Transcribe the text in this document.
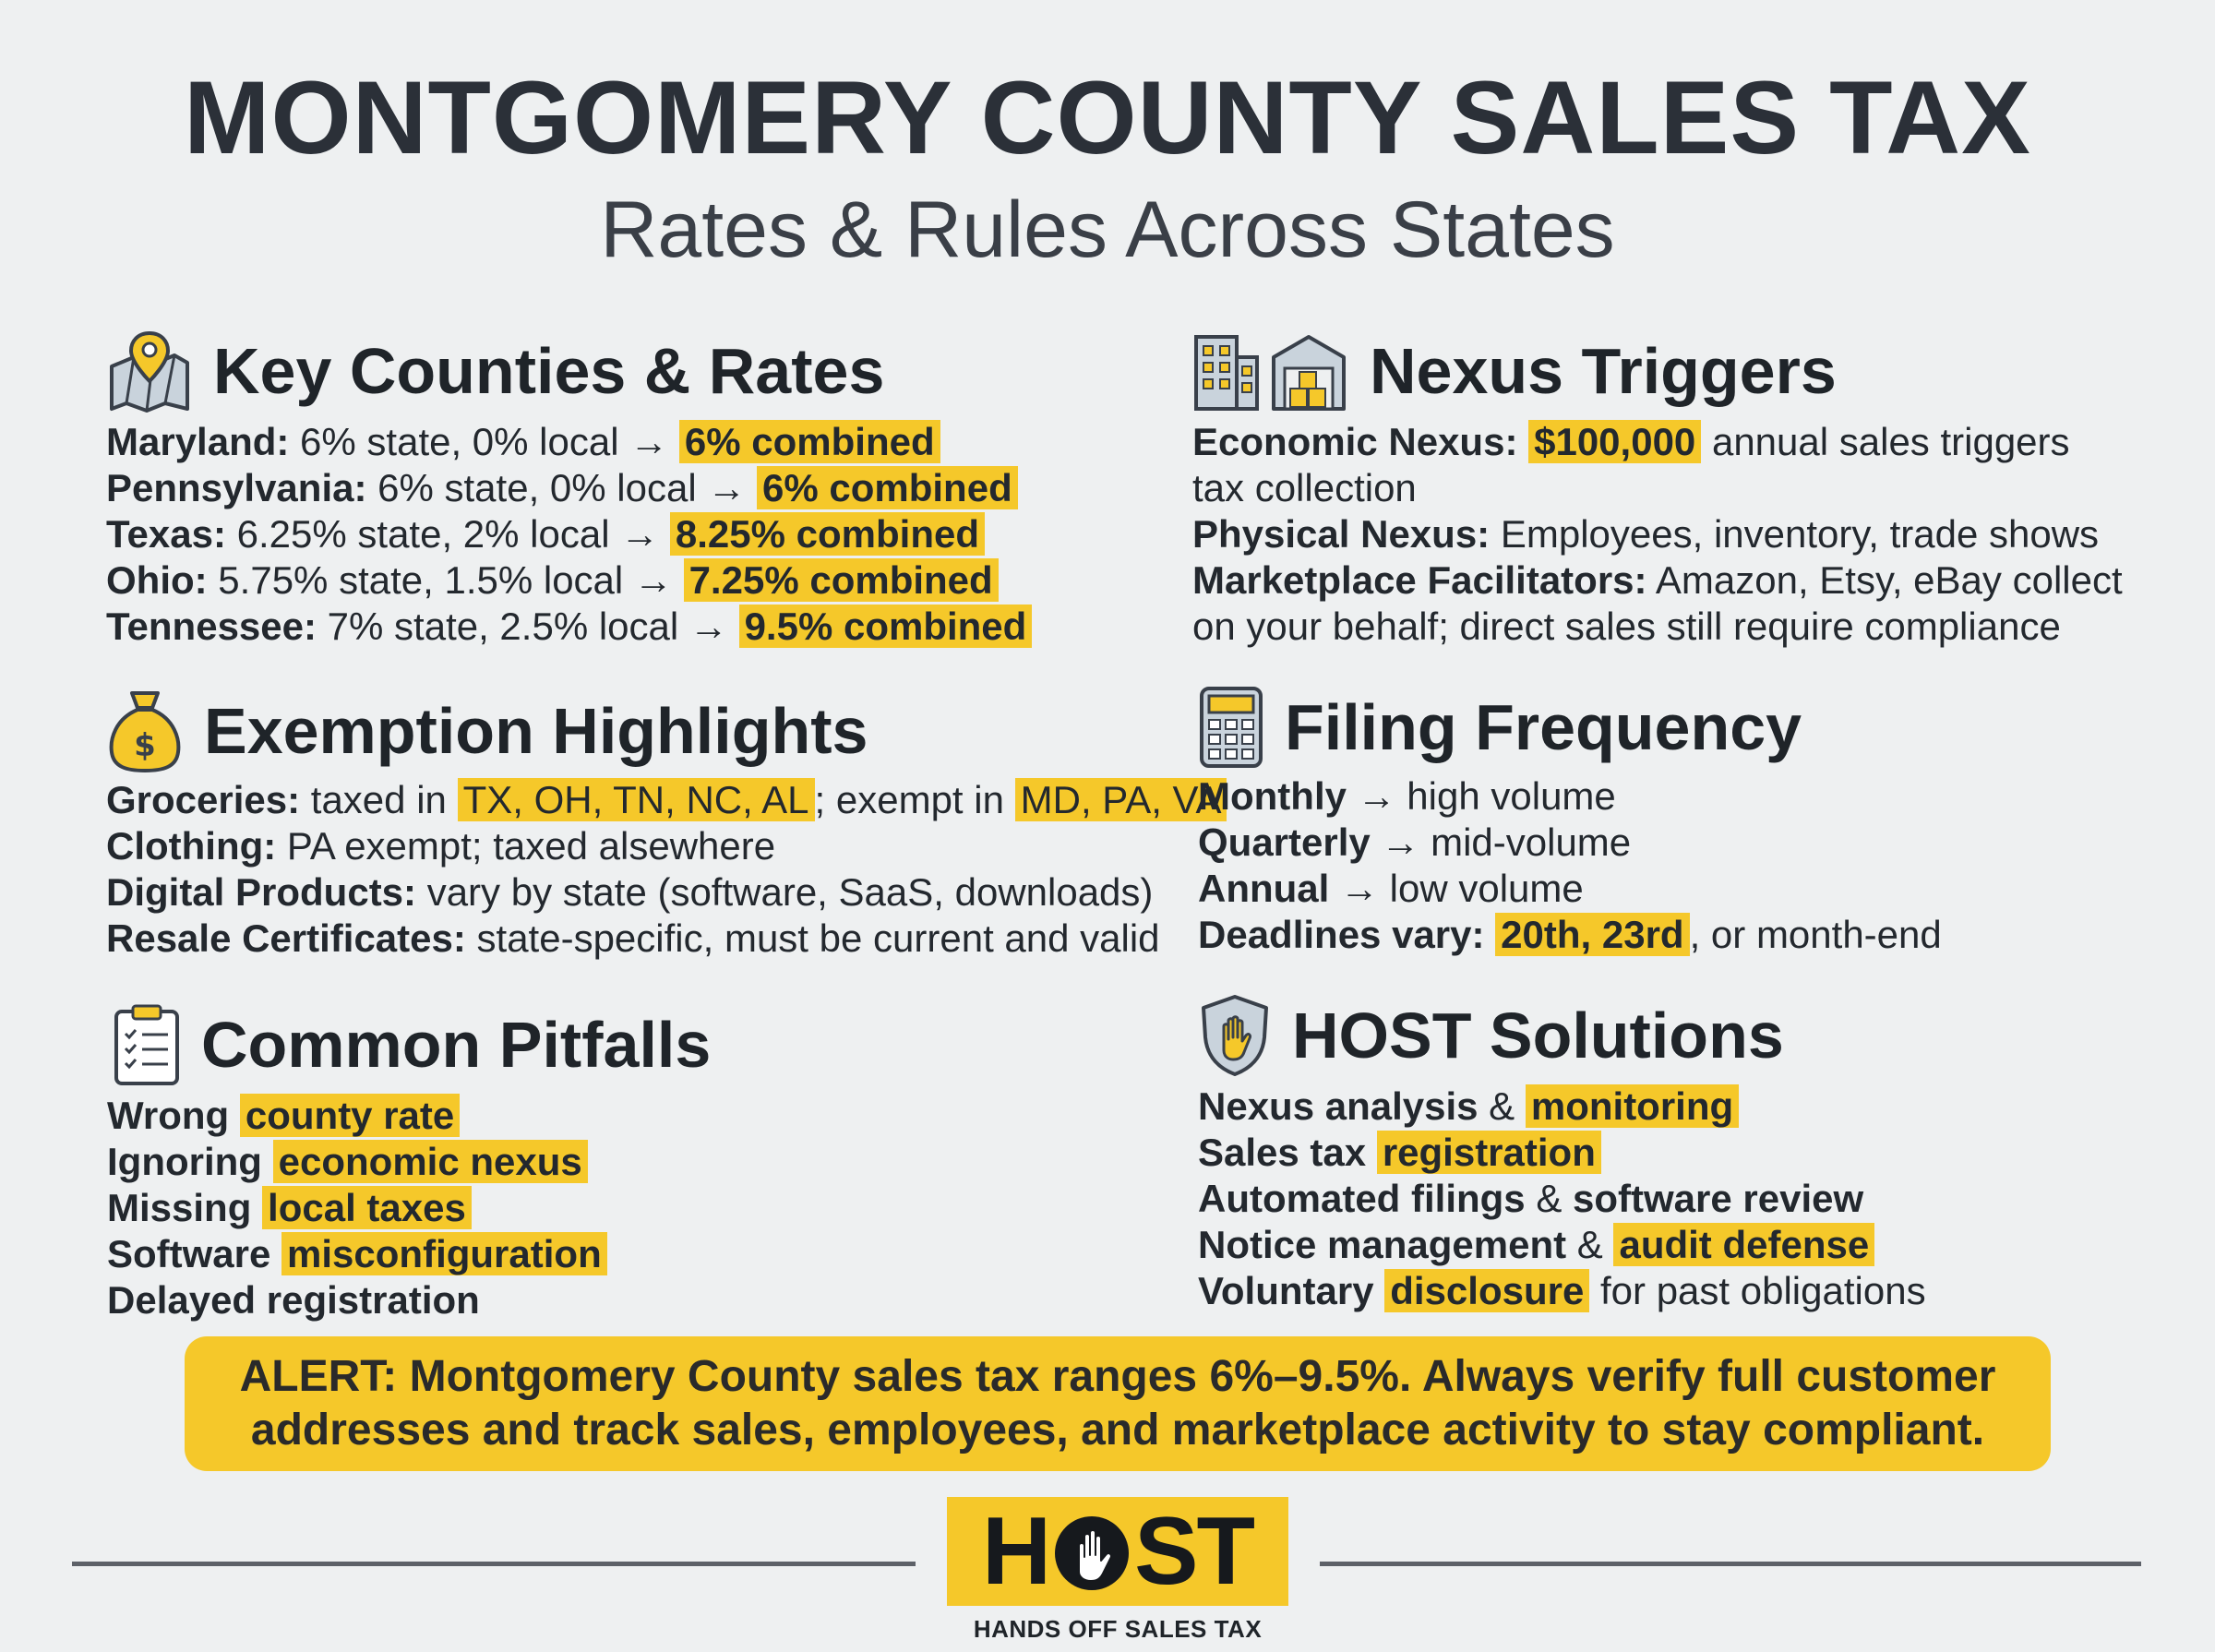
MONTGOMERY COUNTY SALES TAX
Rates & Rules Across States
Key Counties & Rates
Maryland: 6% state, 0% local → 6% combined
Pennsylvania: 6% state, 0% local → 6% combined
Texas: 6.25% state, 2% local → 8.25% combined
Ohio: 5.75% state, 1.5% local → 7.25% combined
Tennessee: 7% state, 2.5% local → 9.5% combined
Nexus Triggers
Economic Nexus: $100,000 annual sales triggers
tax collection
Physical Nexus: Employees, inventory, trade shows
Marketplace Facilitators: Amazon, Etsy, eBay collect
on your behalf; direct sales still require compliance
$ Exemption Highlights
Groceries: taxed in TX, OH, TN, NC, AL ; exempt in MD, PA, VA
Clothing: PA exempt; taxed alsewhere
Digital Products: vary by state (software, SaaS, downloads)
Resale Certificates: state-specific, must be current and valid
Filing Frequency
Monthly → high volume
Quarterly → mid-volume
Annual → low volume
Deadlines vary: 20th, 23rd , or month-end
Common Pitfalls
Wrong county rate
Ignoring economic nexus
Missing local taxes
Software misconfiguration
Delayed registration
HOST Solutions
Nexus analysis & monitoring
Sales tax registration
Automated filings & software review
Notice management & audit defense
Voluntary disclosure for past obligations
ALERT: Montgomery County sales tax ranges 6%–9.5%. Always verify full customer
addresses and track sales, employees, and marketplace activity to stay compliant.
H ST
HANDS OFF SALES TAX
